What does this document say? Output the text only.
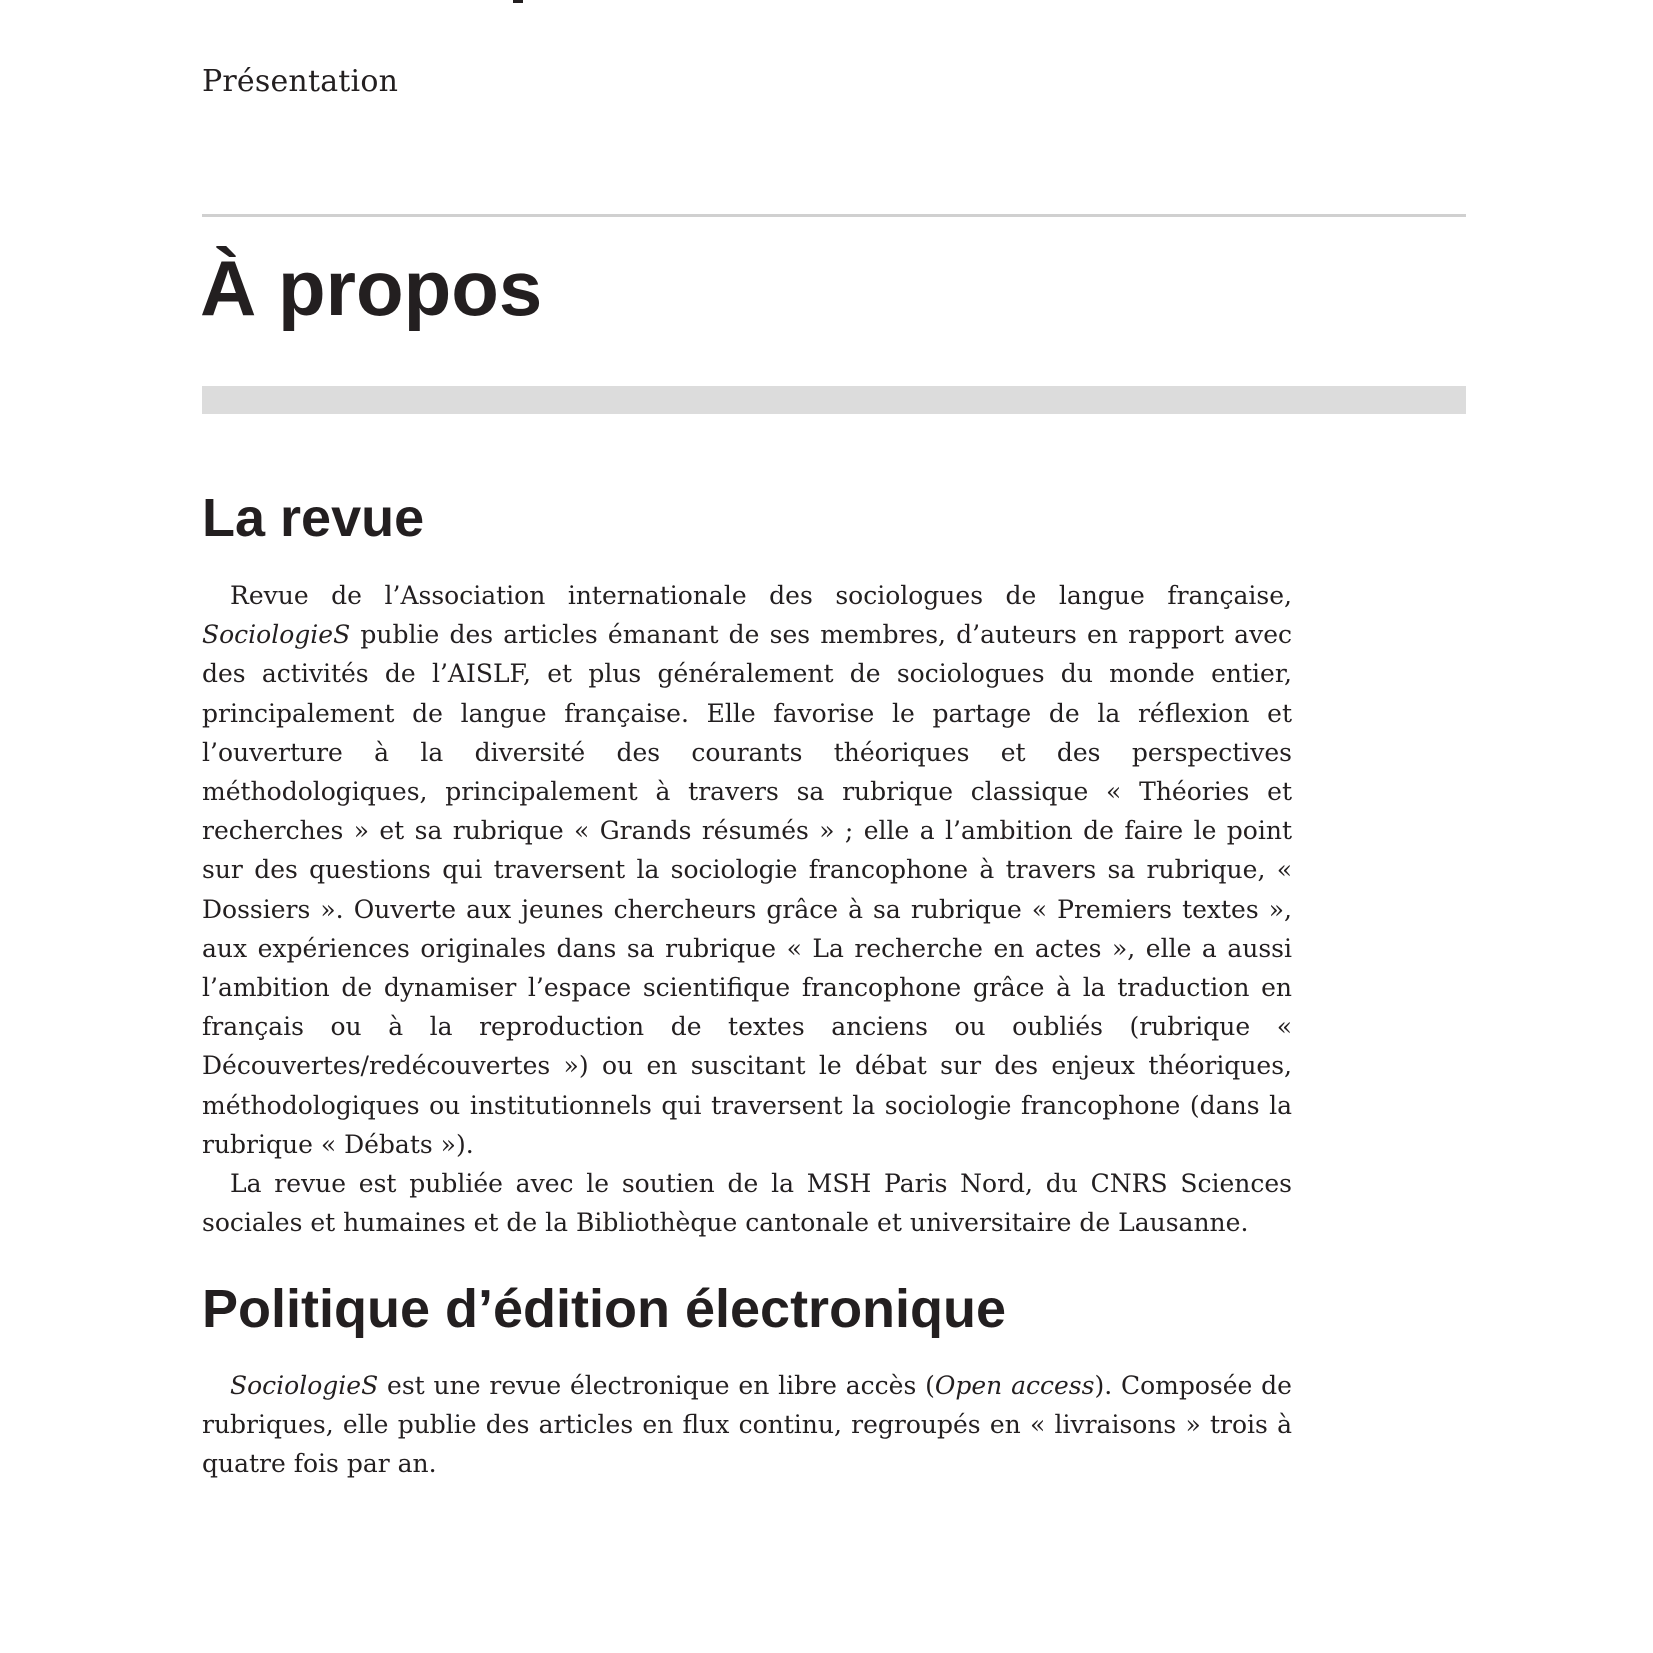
Présentation
À propos
La revue

Revue de l’Association internationale des sociologues de langue française, SociologieS publie des articles émanant de ses membres, d’auteurs en rapport avec des activités de l’AISLF, et plus généralement de sociologues du monde entier, principalement de langue française. Elle favorise le partage de la réflexion et l’ouverture à la diversité des courants théoriques et des perspectives méthodologiques, principalement à travers sa rubrique classique « Théories et recherches » et sa rubrique « Grands résumés » ; elle a l’ambition de faire le point sur des questions qui traversent la sociologie francophone à travers sa rubrique, « Dossiers ». Ouverte aux jeunes chercheurs grâce à sa rubrique « Premiers textes », aux expériences originales dans sa rubrique « La recherche en actes », elle a aussi l’ambition de dynamiser l’espace scientifique francophone grâce à la traduction en français ou à la reproduction de textes anciens ou oubliés (rubrique « Découvertes/redécouvertes ») ou en suscitant le débat sur des enjeux théoriques, méthodologiques ou institutionnels qui traversent la sociologie francophone (dans la rubrique « Débats »).

La revue est publiée avec le soutien de la MSH Paris Nord, du CNRS Sciences sociales et humaines et de la Bibliothèque cantonale et universitaire de Lausanne.

Politique d’édition électronique

SociologieS est une revue électronique en libre accès (Open access). Composée de rubriques, elle publie des articles en flux continu, regroupés en « livraisons » trois à quatre fois par an.
